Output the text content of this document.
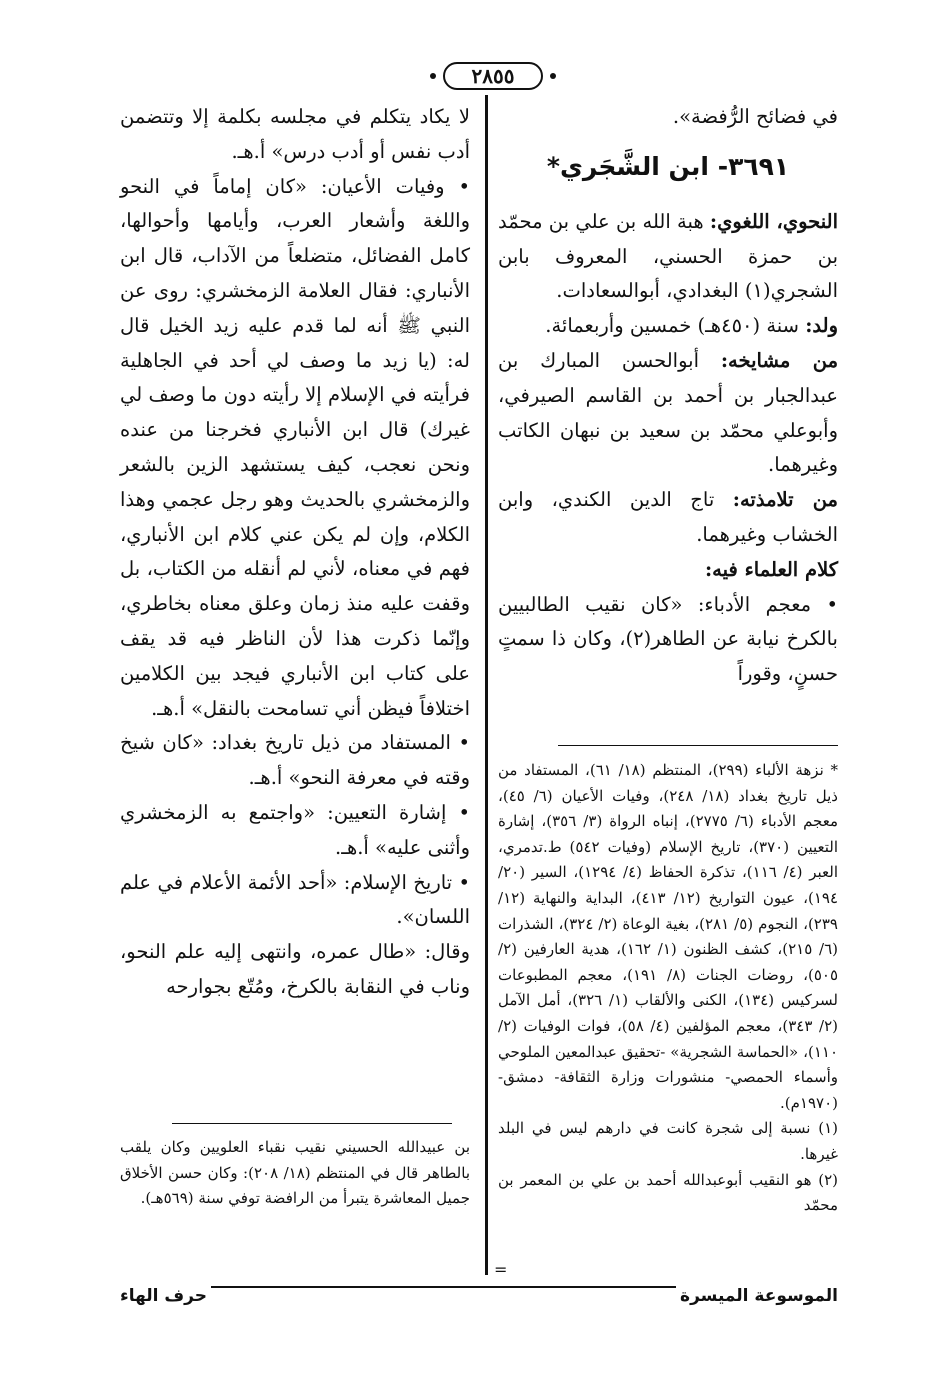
٢٨٥٥

في فضائح الرُّفضة».

٣٦٩١- ابن الشَّجَري*

النحوي، اللغوي: هبة الله بن علي بن محمّد بن حمزة الحسني، المعروف بابن الشجري(١) البغدادي، أبوالسعادات.

ولد: سنة (٤٥٠هـ) خمسين وأربعمائة.

من مشايخه: أبوالحسن المبارك بن عبدالجبار بن أحمد بن القاسم الصيرفي، وأبوعلي محمّد بن سعيد بن نبهان الكاتب وغيرهما.

من تلامذته: تاج الدين الكندي، وابن الخشاب وغيرهما.

كلام العلماء فيه:

• معجم الأدباء: «كان نقيب الطالبيين بالكرخ نيابة عن الطاهر(٢)، وكان ذا سمتٍ حسنٍ، وقوراً

* نزهة الألباء (٢٩٩)، المنتظم (١٨/ ٦١)، المستفاد من ذيل تاريخ بغداد (١٨/ ٢٤٨)، وفيات الأعيان (٦/ ٤٥)، معجم الأدباء (٦/ ٢٧٧٥)، إنباه الرواة (٣/ ٣٥٦)، إشارة التعيين (٣٧٠)، تاريخ الإسلام (وفيات ٥٤٢) ط.تدمري، العبر (٤/ ١١٦)، تذكرة الحفاظ (٤/ ١٢٩٤)، السير (٢٠/ ١٩٤)، عيون التواريخ (١٢/ ٤١٣)، البداية والنهاية (١٢/ ٢٣٩)، النجوم (٥/ ٢٨١)، بغية الوعاة (٢/ ٣٢٤)، الشذرات (٦/ ٢١٥)، كشف الظنون (١/ ١٦٢)، هدية العارفين (٢/ ٥٠٥)، روضات الجنات (٨/ ١٩١)، معجم المطبوعات لسركيس (١٣٤)، الكنى والألقاب (١/ ٣٢٦)، أمل الآمل (٢/ ٣٤٣)، معجم المؤلفين (٤/ ٥٨)، فوات الوفيات (٢/ ١١٠)، «الحماسة الشجرية» -تحقيق عبدالمعين الملوحي وأسماء الحمصي- منشورات وزارة الثقافة- دمشق- (١٩٧٠م).

(١) نسبة إلى شجرة كانت في دارهم ليس في البلد غيرها.

(٢) هو النقيب أبوعبدالله أحمد بن علي بن المعمر بن محمّد

=

لا يكاد يتكلم في مجلسه بكلمة إلا وتتضمن أدب نفس أو أدب درس» أ.هـ.

• وفيات الأعيان: «كان إماماً في النحو واللغة وأشعار العرب، وأيامها وأحوالها، كامل الفضائل، متضلعاً من الآداب، قال ابن الأنباري: فقال العلامة الزمخشري: روى عن النبي ﷺ أنه لما قدم عليه زيد الخيل قال له: (يا زيد ما وصف لي أحد في الجاهلية فرأيته في الإسلام إلا رأيته دون ما وصف لي غيرك) قال ابن الأنباري فخرجنا من عنده ونحن نعجب، كيف يستشهد الزين بالشعر والزمخشري بالحديث وهو رجل عجمي وهذا الكلام، وإن لم يكن عني كلام ابن الأنباري، فهم في معناه، لأني لم أنقله من الكتاب، بل وقفت عليه منذ زمان وعلق معناه بخاطري، وإنّما ذكرت هذا لأن الناظر فيه قد يقف على كتاب ابن الأنباري فيجد بين الكلامين اختلافاً فيظن أني تسامحت بالنقل» أ.هـ.

• المستفاد من ذيل تاريخ بغداد: «كان شيخ وقته في معرفة النحو» أ.هـ.

• إشارة التعيين: «واجتمع به الزمخشري وأثنى عليه» أ.هـ.

• تاريخ الإسلام: «أحد الأئمة الأعلام في علم اللسان».

وقال: «طال عمره، وانتهى إليه علم النحو، وناب في النقابة بالكرخ، ومُتّع بجوارحه

بن عبيدالله الحسيني نقيب نقباء العلويين وكان يلقب بالطاهر قال في المنتظم (١٨/ ٢٠٨): وكان حسن الأخلاق جميل المعاشرة يتبرأ من الرافضة توفي سنة (٥٦٩هـ).

الموسوعة الميسرة
حرف الهاء
